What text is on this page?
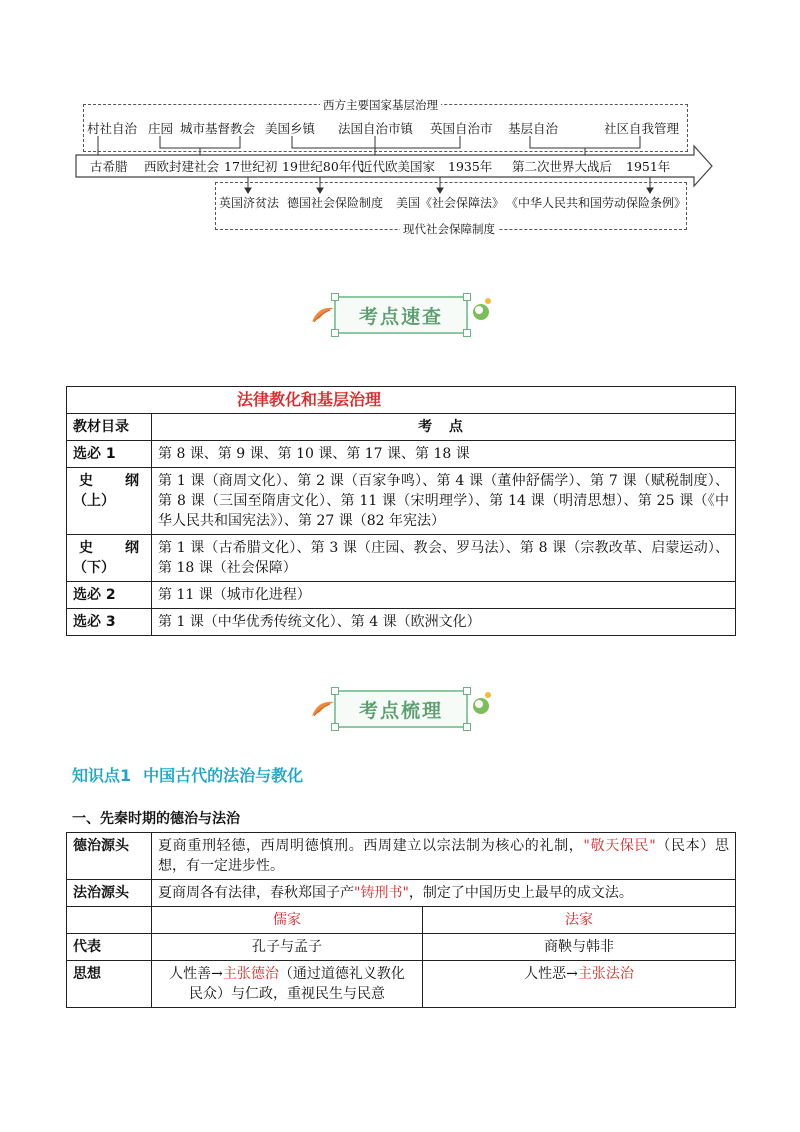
西方主要国家基层治理
村社自治 庄园 城市基督教会 美国乡镇 法国自治市镇 英国自治市 基层自治	社区自我管理
古希腊 西欧封建社会 17世纪初 19世纪80年代
近代欧美国家 1935年 第二次世界大战后 1951年
英国济贫法 德国社会保险制度 美国《社会保障法》 《中华人民共和国劳动保险条例》
现代社会保障制度
考点速查
法律教化和基层治理	
教材目录	考 点
选必 1	第 8 课、第 9 课、第 10 课、第 17 课、第 18 课

史 纲
（上）	第 1 课（商周文化）、第 2 课（百家争鸣）、第 4 课（董仲舒儒学）、第 7 课（赋税制度）、第 8 课（三国至隋唐文化）、第 11 课（宋明理学）、第 14 课（明清思想）、第 25 课（《中华人民共和国宪法》）、第 27 课（82 年宪法）

史 纲
（下）	第 1 课（古希腊文化）、第 3 课（庄园、教会、罗马法）、第 8 课（宗教改革、启蒙运动）、第 18 课（社会保障）
选必 2	第 11 课（城市化进程）
选必 3	第 1 课（中华优秀传统文化）、第 4 课（欧洲文化）
考点梳理
知识点1 中国古代的法治与教化
一、先秦时期的德治与法治
德治源头	夏商重刑轻德，西周明德慎刑。西周建立以宗法制为核心的礼制，"敬天保民"（民本）思想，有一定进步性。	
法治源头	夏商周各有法律，春秋郑国子产"铸刑书"，制定了中国历史上最早的成文法。	
	儒家	法家
代表	孔子与孟子	商鞅与韩非
思想	人性善→主张德治（通过道德礼义教化民众）与仁政，重视民生与民意	人性恶→主张法治
